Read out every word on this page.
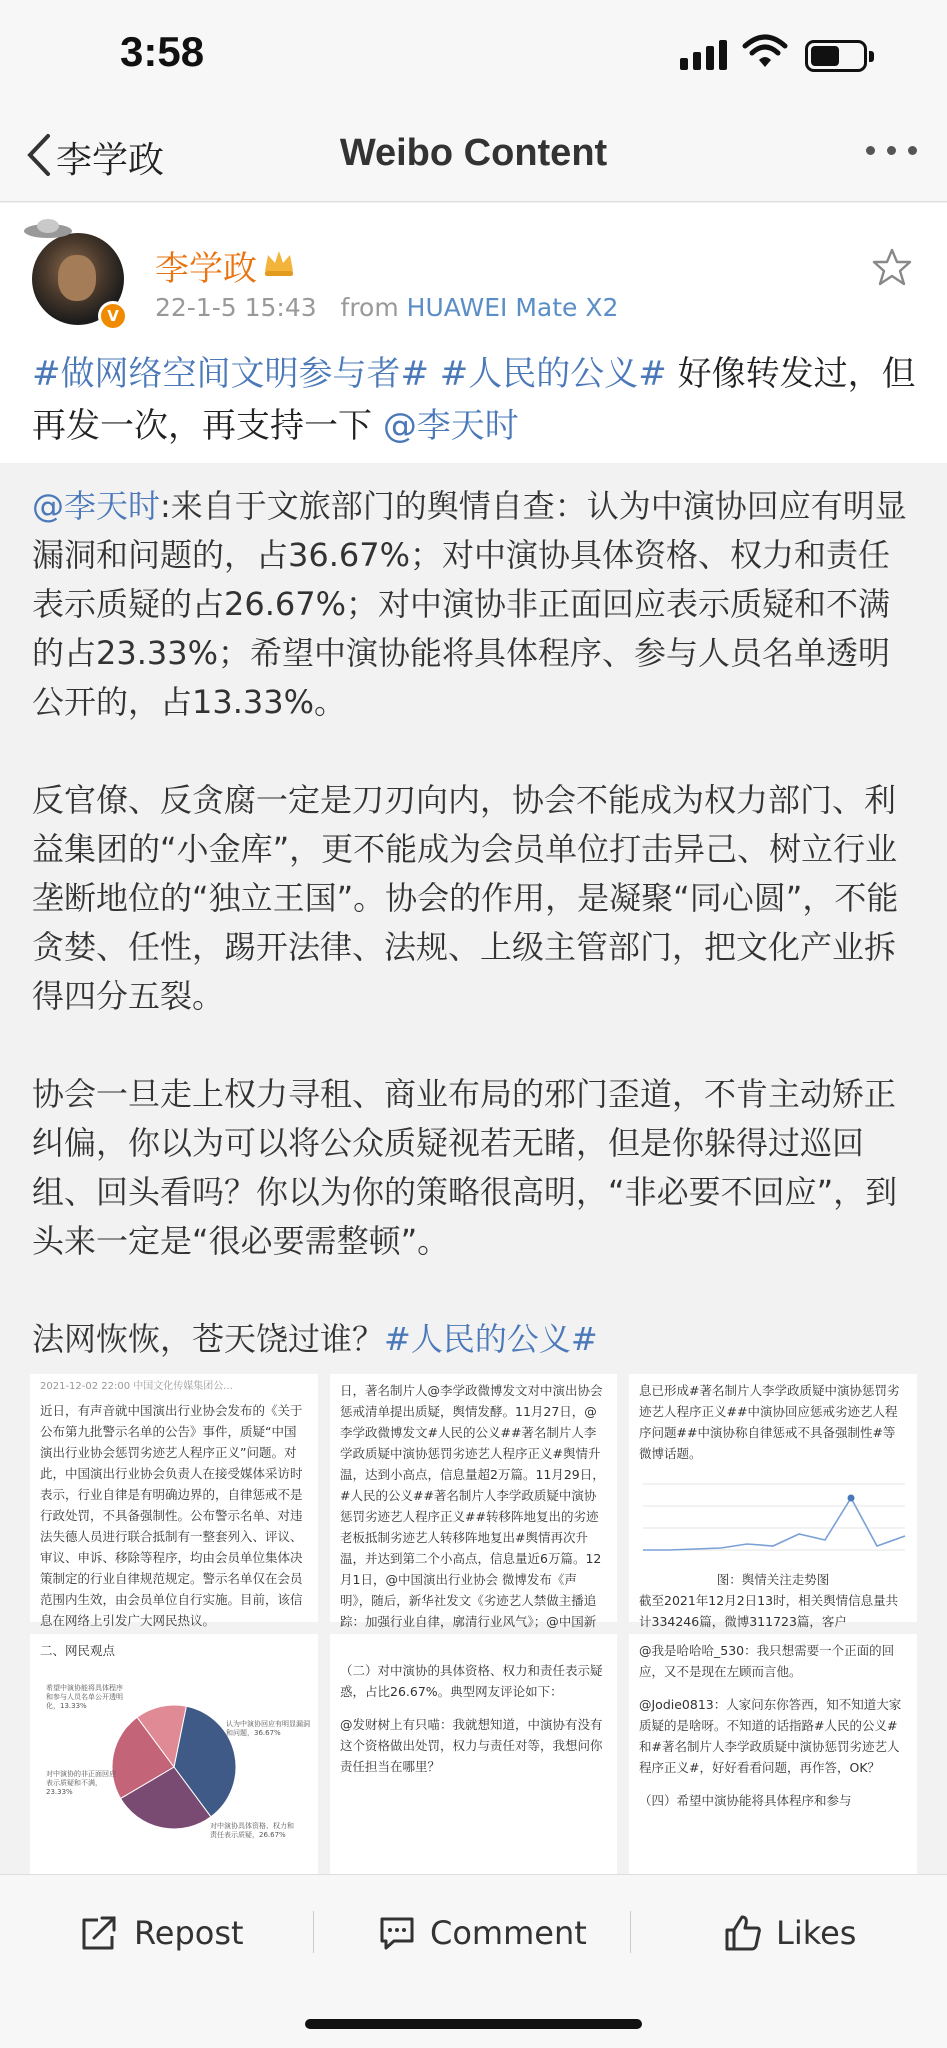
3:58
李学政	Weibo Content
V
李学政
22-1-5 15:43 from HUAWEI Mate X2
#做网络空间文明参与者# #人民的公义# 好像转发过，但再发一次，再支持一下 @李天时

@李天时:来自于文旅部门的舆情自查：认为中演协回应有明显漏洞和问题的，占36.67%；对中演协具体资格、权力和责任表示质疑的占26.67%；对中演协非正面回应表示质疑和不满的占23.33%；希望中演协能将具体程序、参与人员名单透明公开的，占13.33%。

反官僚、反贪腐一定是刀刃向内，协会不能成为权力部门、利益集团的“小金库”，更不能成为会员单位打击异己、树立行业垄断地位的“独立王国”。协会的作用，是凝聚“同心圆”，不能贪婪、任性，踢开法律、法规、上级主管部门，把文化产业拆得四分五裂。

协会一旦走上权力寻租、商业布局的邪门歪道，不肯主动矫正纠偏，你以为可以将公众质疑视若无睹，但是你躲得过巡回组、回头看吗？你以为你的策略很高明，“非必要不回应”，到头来一定是“很必要需整顿”。

法网恢恢，苍天饶过谁？#人民的公义#

2021-12-02 22:00 中国文化传媒集团公...
近日，有声音就中国演出行业协会发布的《关于公布第九批警示名单的公告》事件，质疑“中国演出行业协会惩罚劣迹艺人程序正义”问题。对此，中国演出行业协会负责人在接受媒体采访时表示，行业自律是有明确边界的，自律惩戒不是行政处罚，不具备强制性。公布警示名单、对违法失德人员进行联合抵制有一整套列入、评议、审议、申诉、移除等程序，均由会员单位集体决策制定的行业自律规范规定。警示名单仅在会员范围内生效，由会员单位自行实施。目前，该信息在网络上引发广大网民热议。
日，著名制片人@李学政微博发文对中演出协会惩戒清单提出质疑，舆情发酵。11月27日，@李学政微博发文#人民的公义##著名制片人李学政质疑中演协惩罚劣迹艺人程序正义#舆情升温，达到小高点，信息量超2万篇。11月29日，#人民的公义##著名制片人李学政质疑中演协惩罚劣迹艺人程序正义##转移阵地复出的劣迹老板抵制劣迹艺人转移阵地复出#舆情再次升温，并达到第二个小高点，信息量近6万篇。12月1日，@中国演出行业协会 微博发布《声明》，随后，新华社发文《劣迹艺人禁做主播追踪：加强行业自律，廓清行业风气》；@中国新
息已形成#著名制片人李学政质疑中演协惩罚劣迹艺人程序正义##中演协回应惩戒劣迹艺人程序问题##中演协称自律惩戒不具备强制性#等微博话题。
图：舆情关注走势图
截至2021年12月2日13时，相关舆情信息量共计334246篇，微博311723篇，客户
二、网民观点
希望中演协能将具体程序和参与人员名单公开透明化，13.33%
认为中演协回应有明显漏洞和问题，36.67%
对中演协的非正面回应表示质疑和不满，23.33%
对中演协具体资格、权力和责任表示质疑，26.67%
（二）对中演协的具体资格、权力和责任表示疑惑，占比26.67%。典型网友评论如下：
@发财树上有只喵：我就想知道，中演协有没有这个资格做出处罚，权力与责任对等，我想问你责任担当在哪里？
@我是哈哈哈_530：我只想需要一个正面的回应，又不是现在左顾而言他。
@Jodie0813：人家问东你答西，知不知道大家质疑的是啥呀。不知道的话指路#人民的公义#和#著名制片人李学政质疑中演协惩罚劣迹艺人程序正义#，好好看看问题，再作答，OK？
（四）希望中演协能将具体程序和参与
Repost	Comment	Likes
